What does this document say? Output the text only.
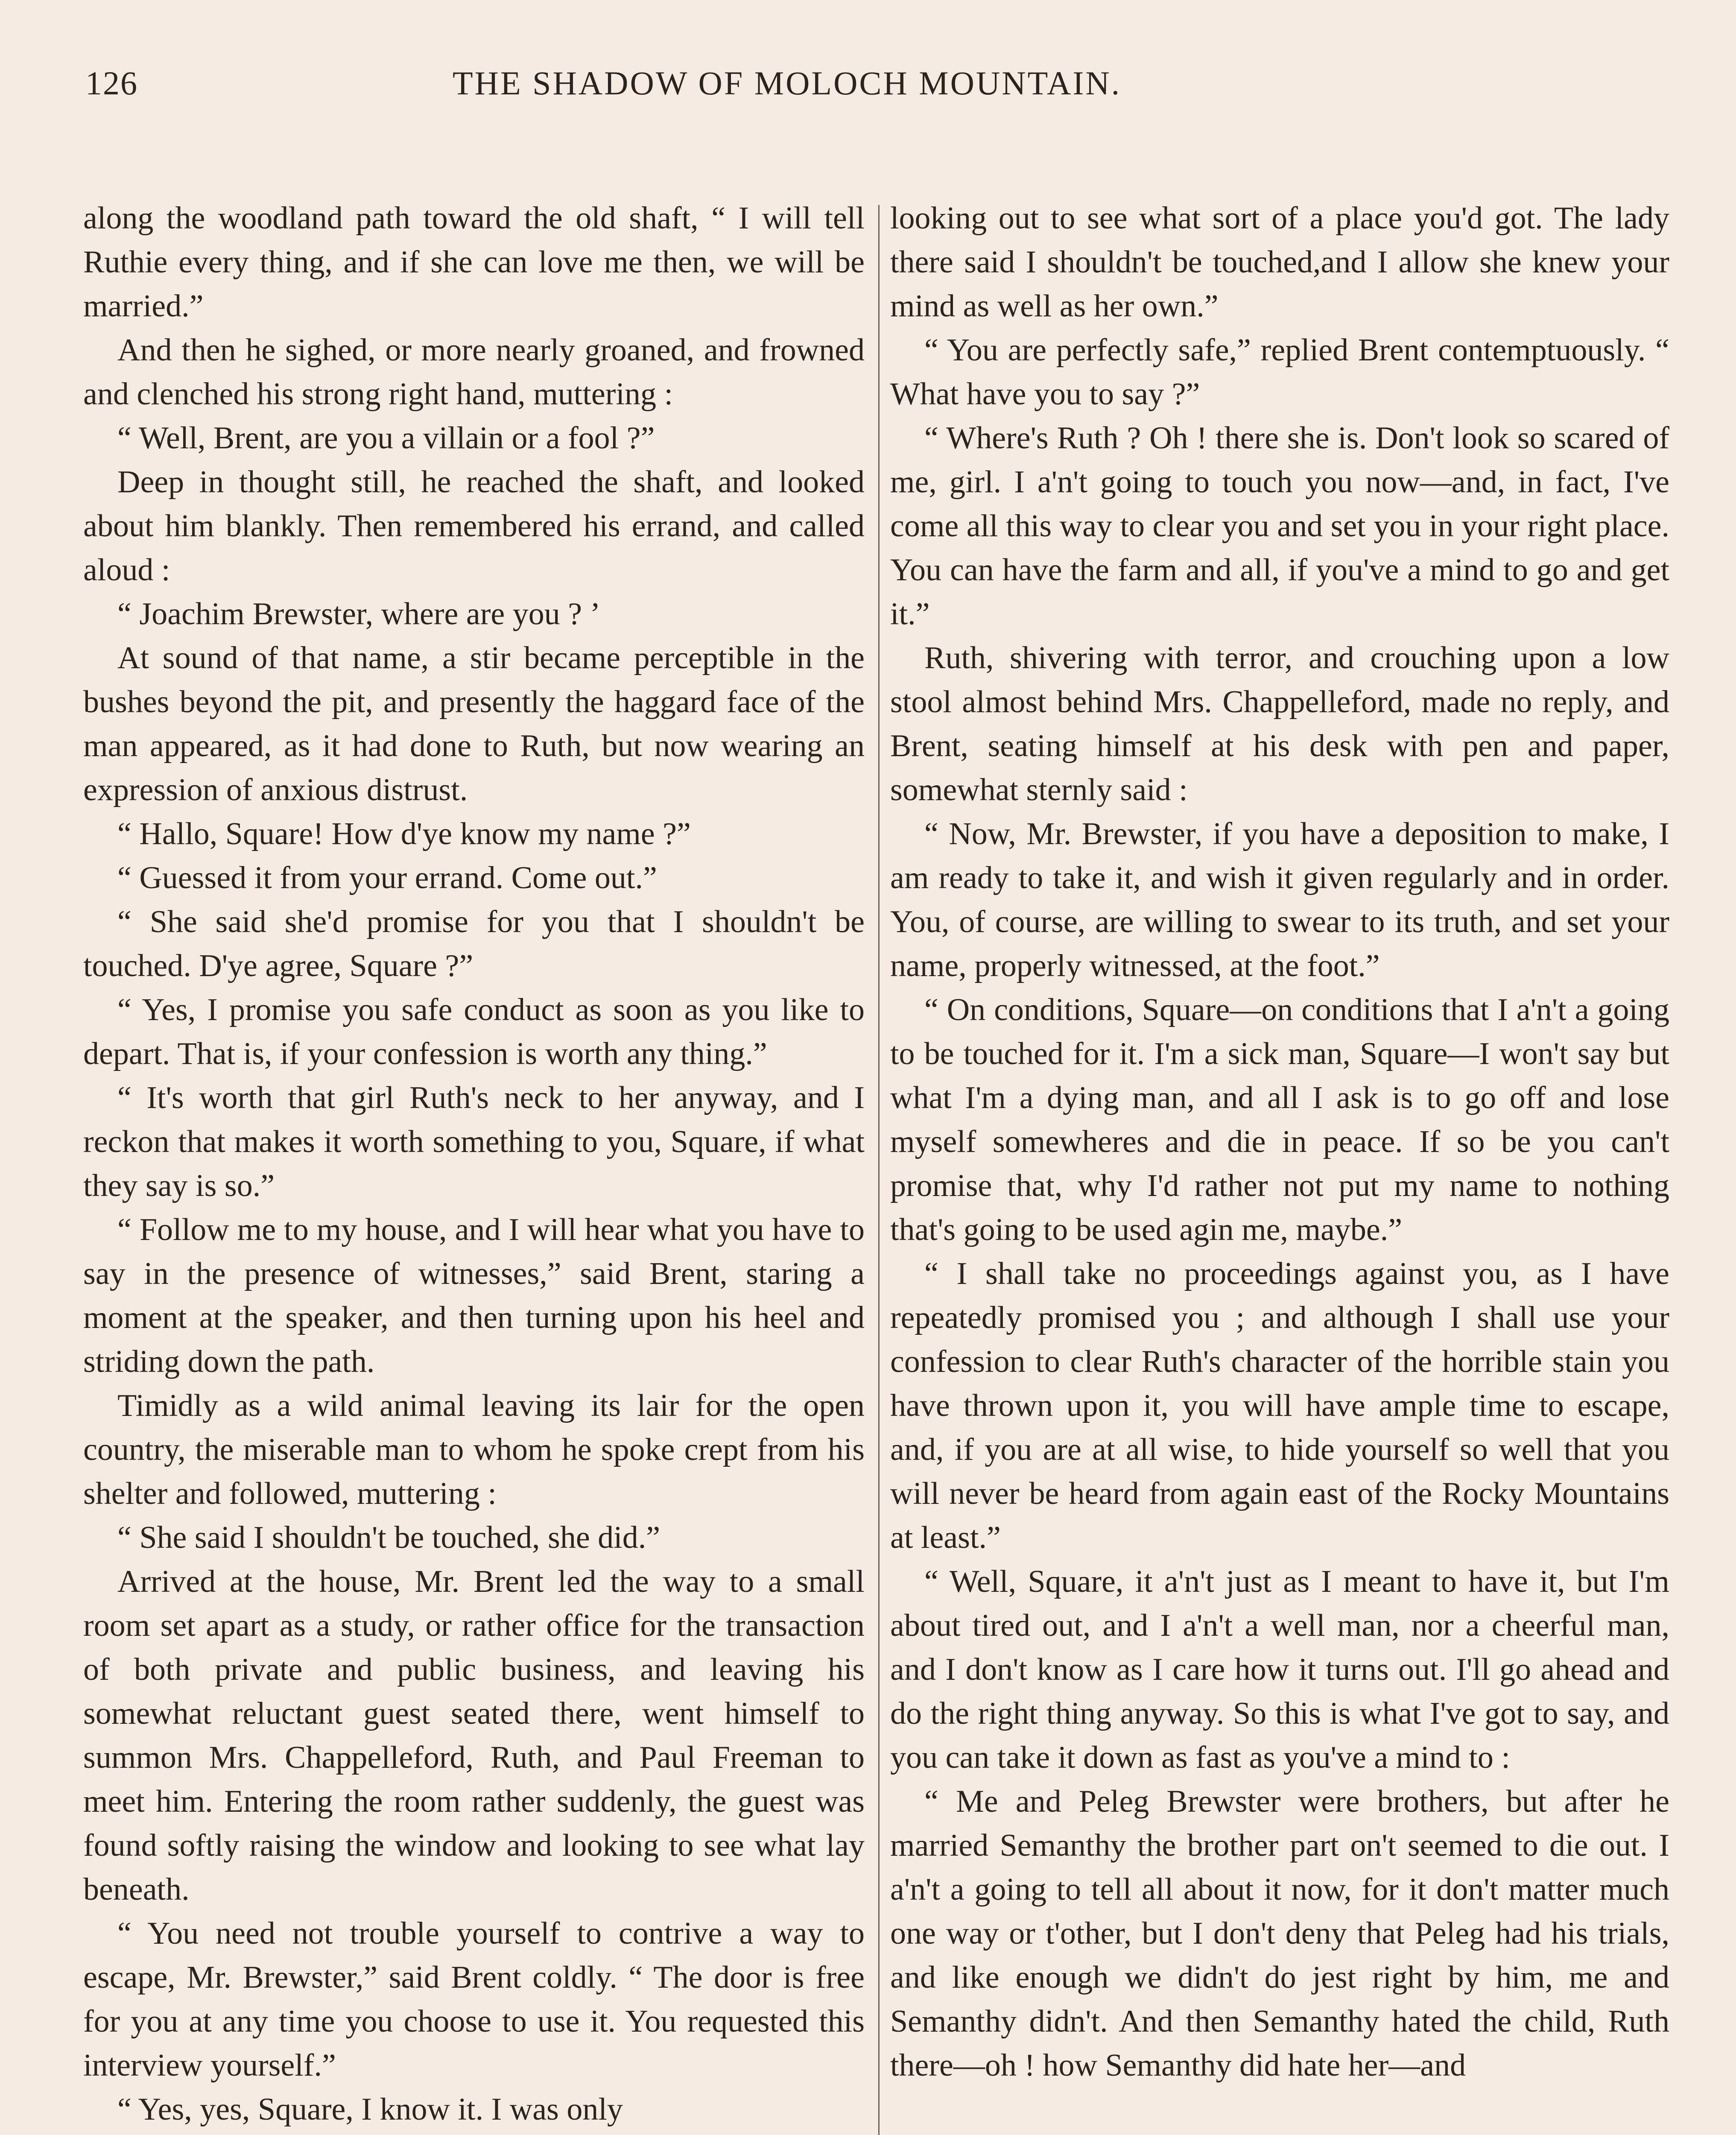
126	THE SHADOW OF MOLOCH MOUNTAIN.

along the woodland path toward the old shaft, “ I will tell Ruthie every thing, and if she can love me then, we will be married.”

And then he sighed, or more nearly groaned, and frowned and clenched his strong right hand, muttering :

“ Well, Brent, are you a villain or a fool ?”

Deep in thought still, he reached the shaft, and looked about him blankly. Then remembered his errand, and called aloud :

“ Joachim Brewster, where are you ? ’

At sound of that name, a stir became perceptible in the bushes beyond the pit, and presently the haggard face of the man appeared, as it had done to Ruth, but now wearing an expression of anxious distrust.

“ Hallo, Square! How d'ye know my name ?”

“ Guessed it from your errand. Come out.”

“ She said she'd promise for you that I shouldn't be touched. D'ye agree, Square ?”

“ Yes, I promise you safe conduct as soon as you like to depart. That is, if your confession is worth any thing.”

“ It's worth that girl Ruth's neck to her anyway, and I reckon that makes it worth something to you, Square, if what they say is so.”

“ Follow me to my house, and I will hear what you have to say in the presence of witnesses,” said Brent, staring a moment at the speaker, and then turning upon his heel and striding down the path.

Timidly as a wild animal leaving its lair for the open country, the miserable man to whom he spoke crept from his shelter and followed, muttering :

“ She said I shouldn't be touched, she did.”

Arrived at the house, Mr. Brent led the way to a small room set apart as a study, or rather office for the transaction of both private and public business, and leaving his somewhat reluctant guest seated there, went himself to summon Mrs. Chappelleford, Ruth, and Paul Freeman to meet him. Entering the room rather suddenly, the guest was found softly raising the window and looking to see what lay beneath.

“ You need not trouble yourself to contrive a way to escape, Mr. Brewster,” said Brent coldly. “ The door is free for you at any time you choose to use it. You requested this interview yourself.”

“ Yes, yes, Square, I know it. I was only

looking out to see what sort of a place you'd got. The lady there said I shouldn't be touched,and I allow she knew your mind as well as her own.”

“ You are perfectly safe,” replied Brent contemptuously. “ What have you to say ?”

“ Where's Ruth ? Oh ! there she is. Don't look so scared of me, girl. I a'n't going to touch you now—and, in fact, I've come all this way to clear you and set you in your right place. You can have the farm and all, if you've a mind to go and get it.”

Ruth, shivering with terror, and crouching upon a low stool almost behind Mrs. Chappelleford, made no reply, and Brent, seating himself at his desk with pen and paper, somewhat sternly said :

“ Now, Mr. Brewster, if you have a deposition to make, I am ready to take it, and wish it given regularly and in order. You, of course, are willing to swear to its truth, and set your name, properly witnessed, at the foot.”

“ On conditions, Square—on conditions that I a'n't a going to be touched for it. I'm a sick man, Square—I won't say but what I'm a dying man, and all I ask is to go off and lose myself somewheres and die in peace. If so be you can't promise that, why I'd rather not put my name to nothing that's going to be used agin me, maybe.”

“ I shall take no proceedings against you, as I have repeatedly promised you ; and although I shall use your confession to clear Ruth's character of the horrible stain you have thrown upon it, you will have ample time to escape, and, if you are at all wise, to hide yourself so well that you will never be heard from again east of the Rocky Mountains at least.”

“ Well, Square, it a'n't just as I meant to have it, but I'm about tired out, and I a'n't a well man, nor a cheerful man, and I don't know as I care how it turns out. I'll go ahead and do the right thing anyway. So this is what I've got to say, and you can take it down as fast as you've a mind to :

“ Me and Peleg Brewster were brothers, but after he married Semanthy the brother part on't seemed to die out. I a'n't a going to tell all about it now, for it don't matter much one way or t'other, but I don't deny that Peleg had his trials, and like enough we didn't do jest right by him, me and Semanthy didn't. And then Semanthy hated the child, Ruth there—oh ! how Semanthy did hate her—and
